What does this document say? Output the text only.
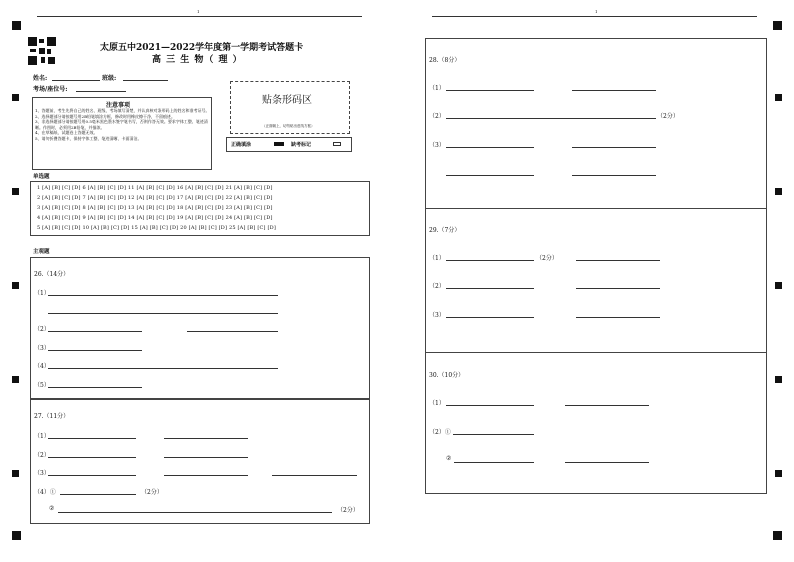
1	1
太原五中2021—2022学年度第一学期考试答题卡
高 三 生 物（ 理 ）
姓名:	班级:
考场/座位号:
注意事项
1、答题前，考生先将自己的姓名、班级、考场填写清楚，并认真核对条形码上的姓名和准考证号。
2、选择题部分请按题号用2B铅笔填涂方框，修改时用橡皮擦干净，不留痕迹。
3、非选择题部分请按题号用0.5毫米黑色墨水签字笔书写，否则作答无效。要求字体工整、笔迹清晰。作图时，必须用2B铅笔，并描浓。
4、在草稿纸、试题卷上答题无效。
5、请勿折叠答题卡，保持字体工整、笔迹清晰、卡面清洁。
贴条形码区
（正面朝上，切勿贴出虚线方框）
正确填涂	缺考标记
单选题
1 [A] [B] [C] [D] 6 [A] [B] [C] [D] 11 [A] [B] [C] [D] 16 [A] [B] [C] [D] 21 [A] [B] [C] [D]
2 [A] [B] [C] [D] 7 [A] [B] [C] [D] 12 [A] [B] [C] [D] 17 [A] [B] [C] [D] 22 [A] [B] [C] [D]
3 [A] [B] [C] [D] 8 [A] [B] [C] [D] 13 [A] [B] [C] [D] 18 [A] [B] [C] [D] 23 [A] [B] [C] [D]
4 [A] [B] [C] [D] 9 [A] [B] [C] [D] 14 [A] [B] [C] [D] 19 [A] [B] [C] [D] 24 [A] [B] [C] [D]
5 [A] [B] [C] [D] 10 [A] [B] [C] [D] 15 [A] [B] [C] [D] 20 [A] [B] [C] [D] 25 [A] [B] [C] [D]
主观题
26.（14分）
（1）
（2）
（3）
（4）
（5）
27.（11分）
（1）
（2）
（3）
（4）①	（2分）
②	（2分）
28.（8分）
（1）
（2）	（2分）
（3）
29.（7分）
（1）	（2分）
（2）
（3）
30.（10分）
（1）
（2）①
②
